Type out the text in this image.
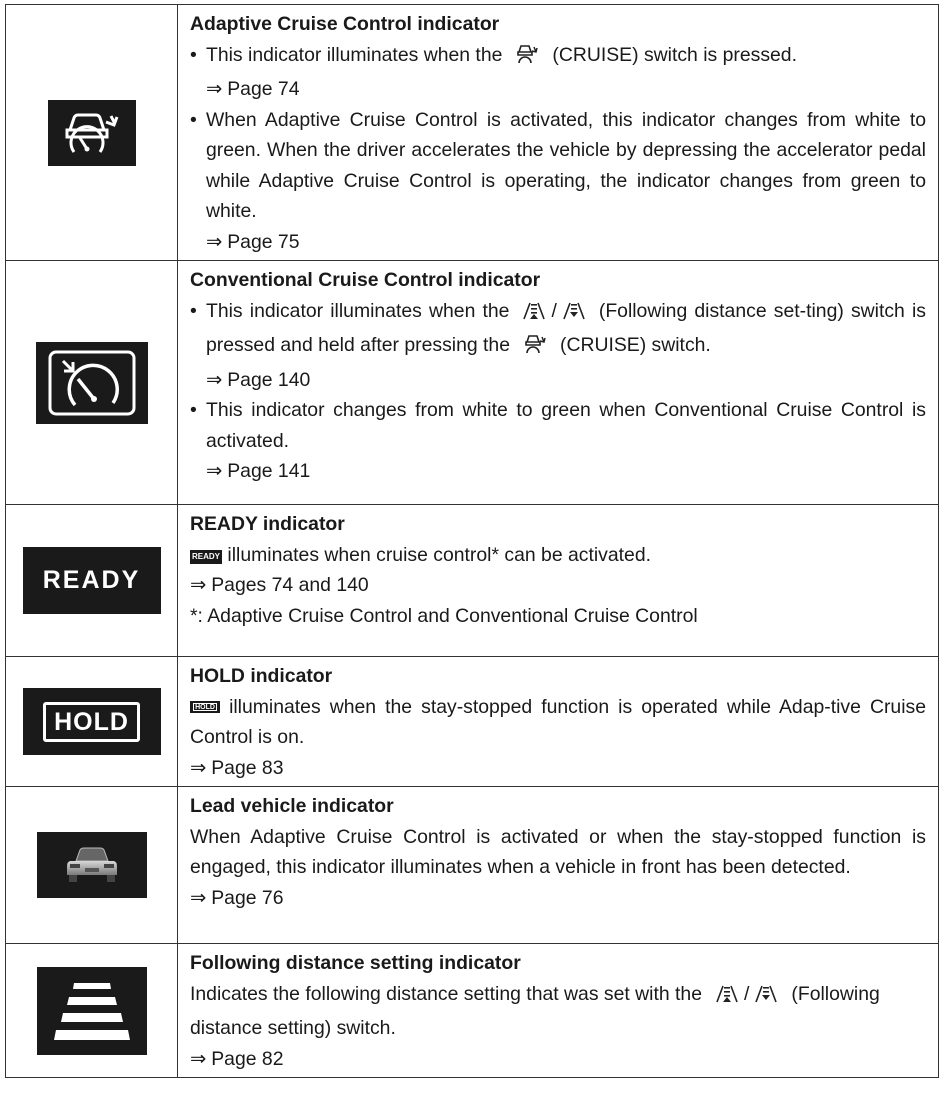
Adaptive Cruise Control indicator
• This indicator illuminates when the (CRUISE) switch is pressed.
⇒ Page 74
• When Adaptive Cruise Control is activated, this indicator changes from white to green. When the driver accelerates the vehicle by depressing the accelerator pedal while Adaptive Cruise Control is operating, the indicator changes from green to white.
⇒ Page 75

Conventional Cruise Control indicator
• This indicator illuminates when the / (Following distance set-ting) switch is pressed and held after pressing the (CRUISE) switch.
⇒ Page 140
• This indicator changes from white to green when Conventional Cruise Control is activated.
⇒ Page 141

READY	READY indicator
READY illuminates when cruise control* can be activated.
⇒ Pages 74 and 140
*: Adaptive Cruise Control and Conventional Cruise Control

HOLD	HOLD indicator
HOLD illuminates when the stay-stopped function is operated while Adap-tive Cruise Control is on.
⇒ Page 83

Lead vehicle indicator
When Adaptive Cruise Control is activated or when the stay-stopped function is engaged, this indicator illuminates when a vehicle in front has been detected.
⇒ Page 76

Following distance setting indicator
Indicates the following distance setting that was set with the / (Following distance setting) switch.
⇒ Page 82
